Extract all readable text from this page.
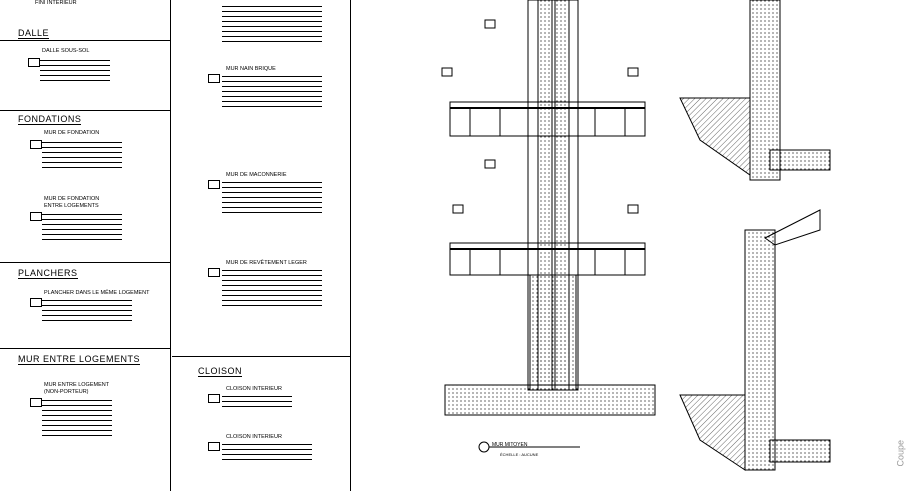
FINI INTÉRIEUR
DALLE
DALLE SOUS-SOL
FONDATIONS
MUR DE FONDATION
MUR DE FONDATION
ENTRE LOGEMENTS
PLANCHERS
PLANCHER DANS LE MÊME LOGEMENT
MUR ENTRE LOGEMENTS
MUR ENTRE LOGEMENT
(NON-PORTEUR)
MUR NAIN BRIQUE
MUR DE MACONNERIE
MUR DE REVÊTEMENT LEGER
CLOISON
CLOISON INTERIEUR
CLOISON INTERIEUR
MUR MITOYEN
ÉCHELLE : AUCUNE	Coupe
